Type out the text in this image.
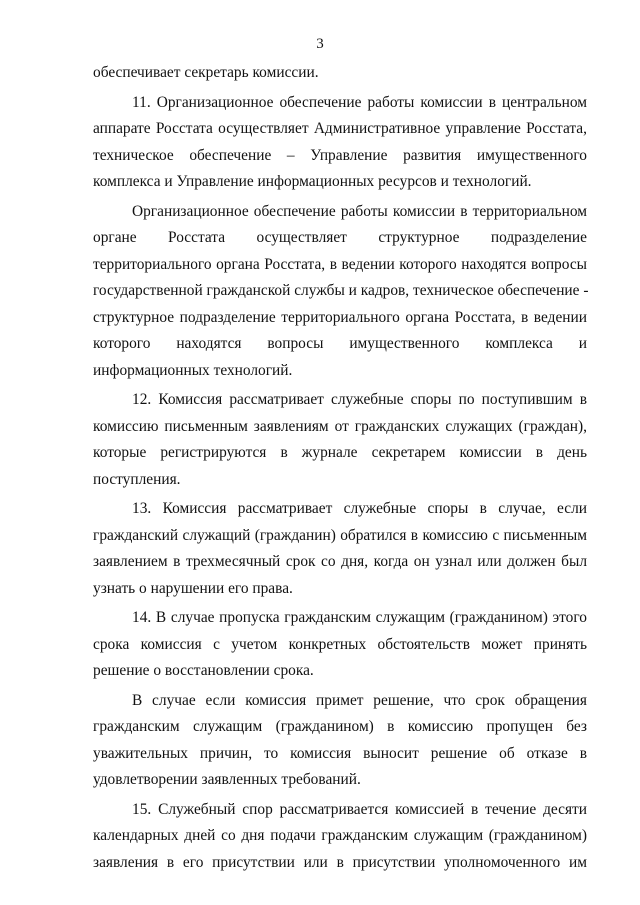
3
обеспечивает секретарь комиссии.
11. Организационное обеспечение работы комиссии в центральном
аппарате Росстата осуществляет Административное управление Росстата,
техническое обеспечение – Управление развития имущественного
комплекса и Управление информационных ресурсов и технологий.
Организационное обеспечение работы комиссии в территориальном
органе Росстата осуществляет структурное подразделение
территориального органа Росстата, в ведении которого находятся вопросы
государственной гражданской службы и кадров, техническое обеспечение -
структурное подразделение территориального органа Росстата, в ведении
которого находятся вопросы имущественного комплекса и
информационных технологий.
12. Комиссия рассматривает служебные споры по поступившим в
комиссию письменным заявлениям от гражданских служащих (граждан),
которые регистрируются в журнале секретарем комиссии в день
поступления.
13. Комиссия рассматривает служебные споры в случае, если
гражданский служащий (гражданин) обратился в комиссию с письменным
заявлением в трехмесячный срок со дня, когда он узнал или должен был
узнать о нарушении его права.
14. В случае пропуска гражданским служащим (гражданином) этого
срока комиссия с учетом конкретных обстоятельств может принять
решение о восстановлении срока.
В случае если комиссия примет решение, что срок обращения
гражданским служащим (гражданином) в комиссию пропущен без
уважительных причин, то комиссия выносит решение об отказе в
удовлетворении заявленных требований.
15. Служебный спор рассматривается комиссией в течение десяти
календарных дней со дня подачи гражданским служащим (гражданином)
заявления в его присутствии или в присутствии уполномоченного им
